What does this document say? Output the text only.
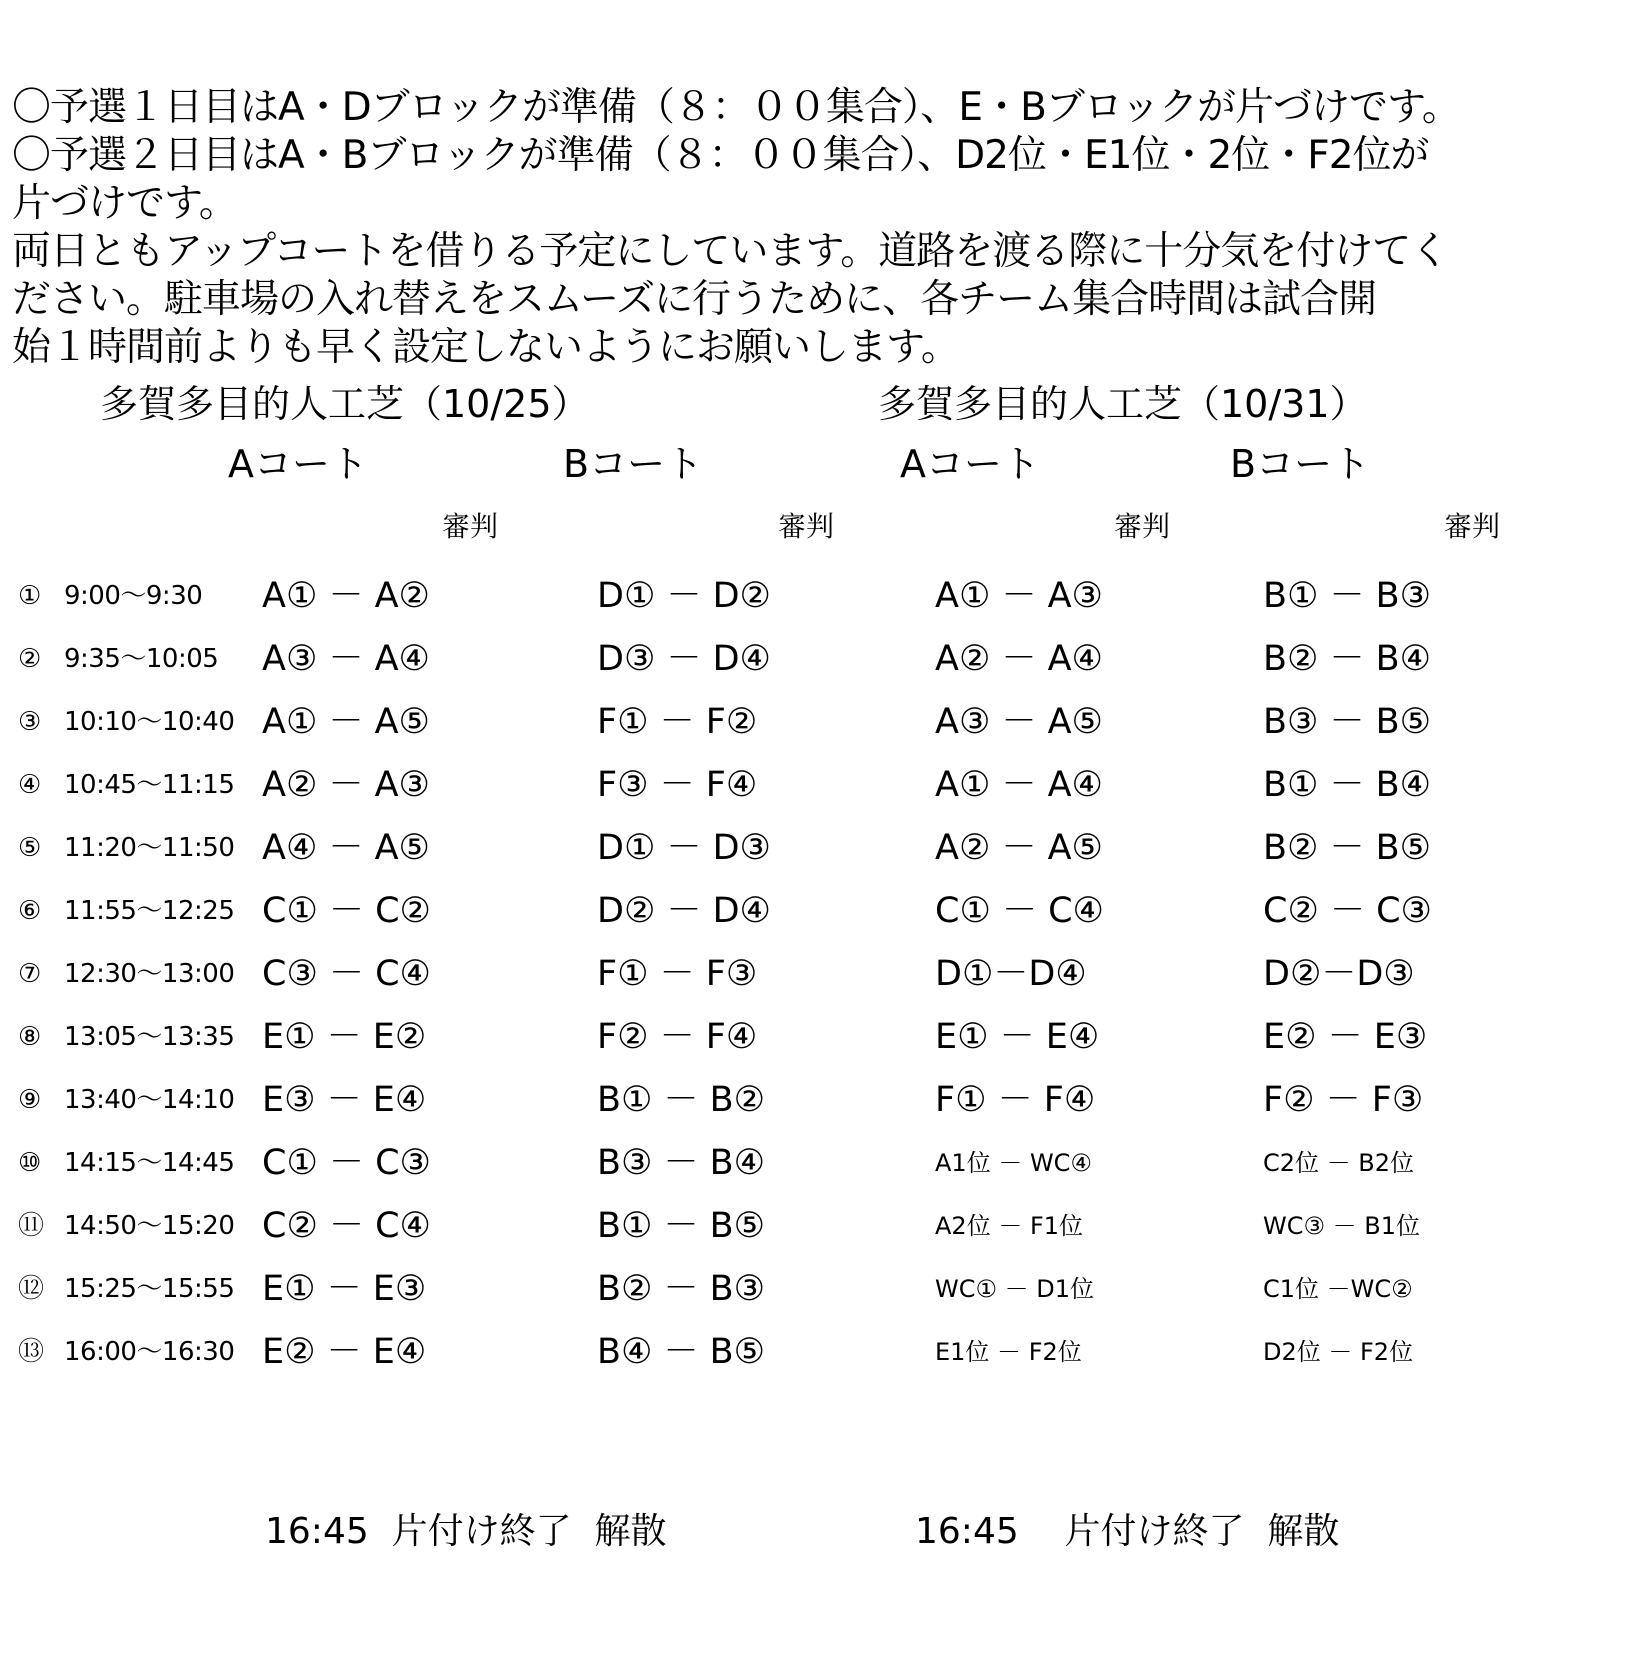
〇予選１日目はA・Dブロックが準備（８：００集合）、E・Bブロックが片づけです。
〇予選２日目はA・Bブロックが準備（８：００集合）、D2位・E1位・2位・F2位が
片づけです。
両日ともアップコートを借りる予定にしています。道路を渡る際に十分気を付けてく
ださい。駐車場の入れ替えをスムーズに行うために、各チーム集合時間は試合開
始１時間前よりも早く設定しないようにお願いします。
多賀多目的人工芝（10/25）	多賀多目的人工芝（10/31）
Aコート	Bコート	Aコート	Bコート
審判	審判	審判	審判
① 9:00～9:30 A① － A②	D① － D②	A① － A③	B① － B③
② 9:35～10:05 A③ － A④	D③ － D④	A② － A④	B② － B④
③ 10:10～10:40 A① － A⑤	F① － F②	A③ － A⑤	B③ － B⑤
④ 10:45～11:15 A② － A③	F③ － F④	A① － A④	B① － B④
⑤ 11:20～11:50 A④ － A⑤	D① － D③	A② － A⑤	B② － B⑤
⑥ 11:55～12:25 C① － C②	D② － D④	C① － C④	C② － C③
⑦ 12:30～13:00 C③ － C④	F① － F③	D①－D④	D②－D③
⑧ 13:05～13:35 E① － E②	F② － F④	E① － E④	E② － E③
⑨ 13:40～14:10 E③ － E④	B① － B②	F① － F④	F② － F③
⑩ 14:15～14:45 C① － C③	B③ － B④	A1位 － WC④	C2位 － B2位
⑪ 14:50～15:20 C② － C④	B① － B⑤	A2位 － F1位	WC③ － B1位
⑫ 15:25～15:55 E① － E③	B② － B③	WC① － D1位	C1位 －WC②
⑬ 16:00～16:30 E② － E④	B④ － B⑤	E1位 － F2位	D2位 － F2位
16:45  片付け終了  解散	16:45    片付け終了  解散
